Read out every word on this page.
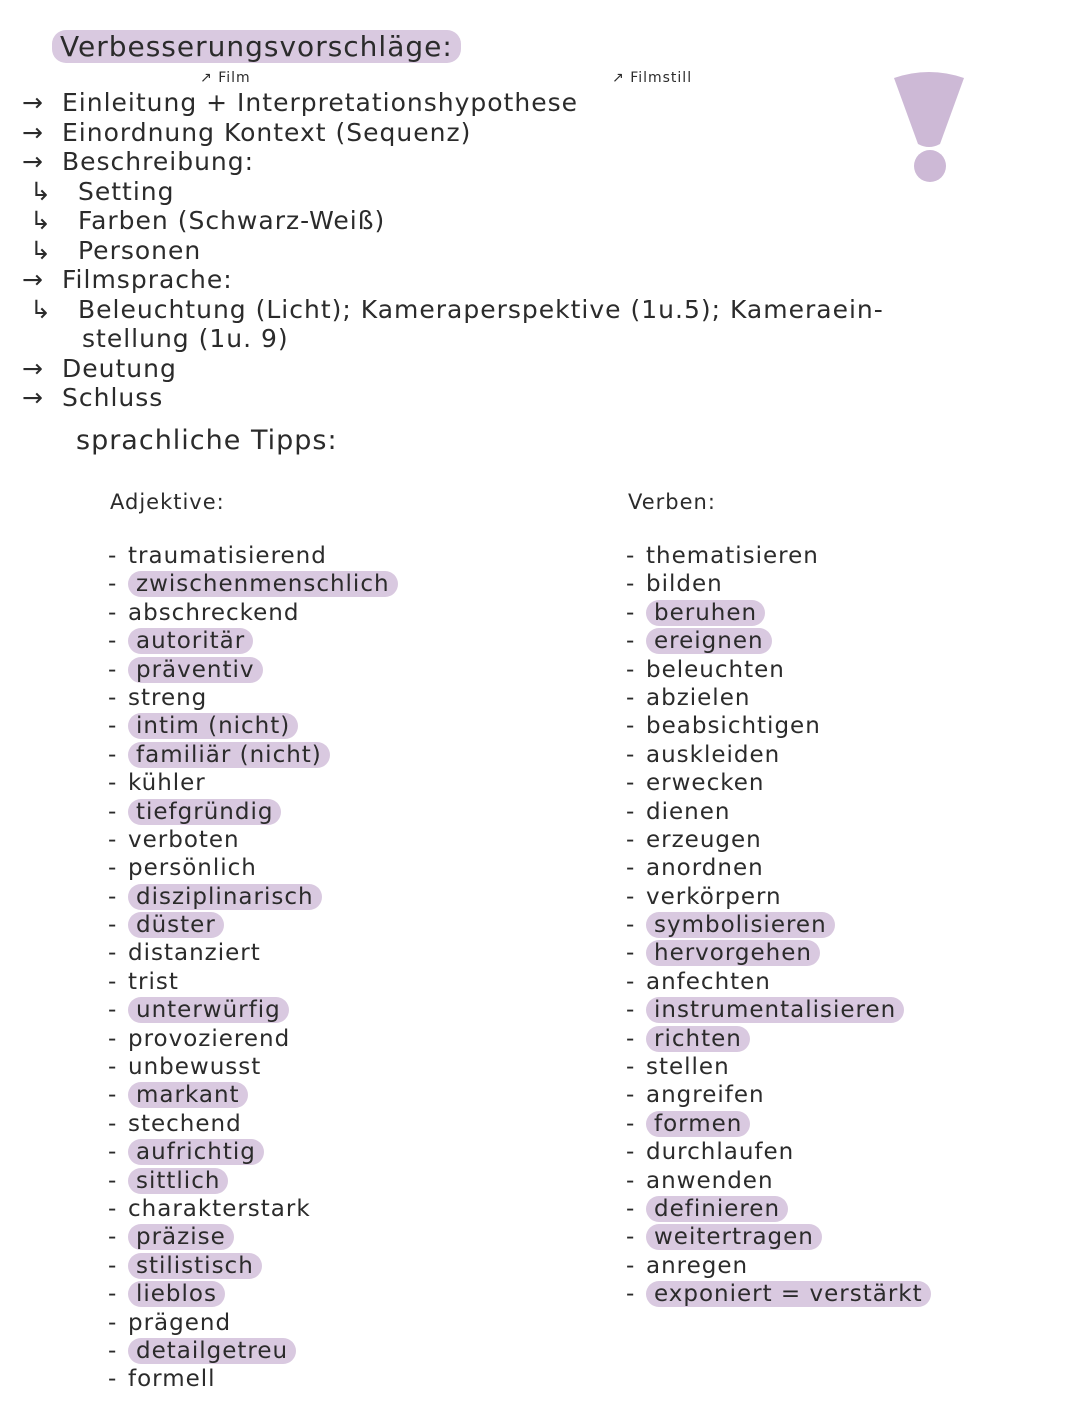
Verbesserungsvorschläge:
↗ Film	↗ Filmstill
→ Einleitung + Interpretationshypothese
→ Einordnung Kontext (Sequenz)
→ Beschreibung:
↳ Setting
↳ Farben (Schwarz-Weiß)
↳ Personen
→ Filmsprache:
↳ Beleuchtung (Licht); Kameraperspektive (1u.5); Kameraein-
stellung (1u. 9)
→ Deutung
→ Schluss
sprachliche Tipps:
Adjektive:	Verben:
- traumatisierend
- zwischenmenschlich
- abschreckend
- autoritär
- präventiv
- streng
- intim (nicht)
- familiär (nicht)
- kühler
- tiefgründig
- verboten
- persönlich
- disziplinarisch
- düster
- distanziert
- trist
- unterwürfig
- provozierend
- unbewusst
- markant
- stechend
- aufrichtig
- sittlich
- charakterstark
- präzise
- stilistisch
- lieblos
- prägend
- detailgetreu
- formell
- thematisieren
- bilden
- beruhen
- ereignen
- beleuchten
- abzielen
- beabsichtigen
- auskleiden
- erwecken
- dienen
- erzeugen
- anordnen
- verkörpern
- symbolisieren
- hervorgehen
- anfechten
- instrumentalisieren
- richten
- stellen
- angreifen
- formen
- durchlaufen
- anwenden
- definieren
- weitertragen
- anregen
- exponiert = verstärkt
